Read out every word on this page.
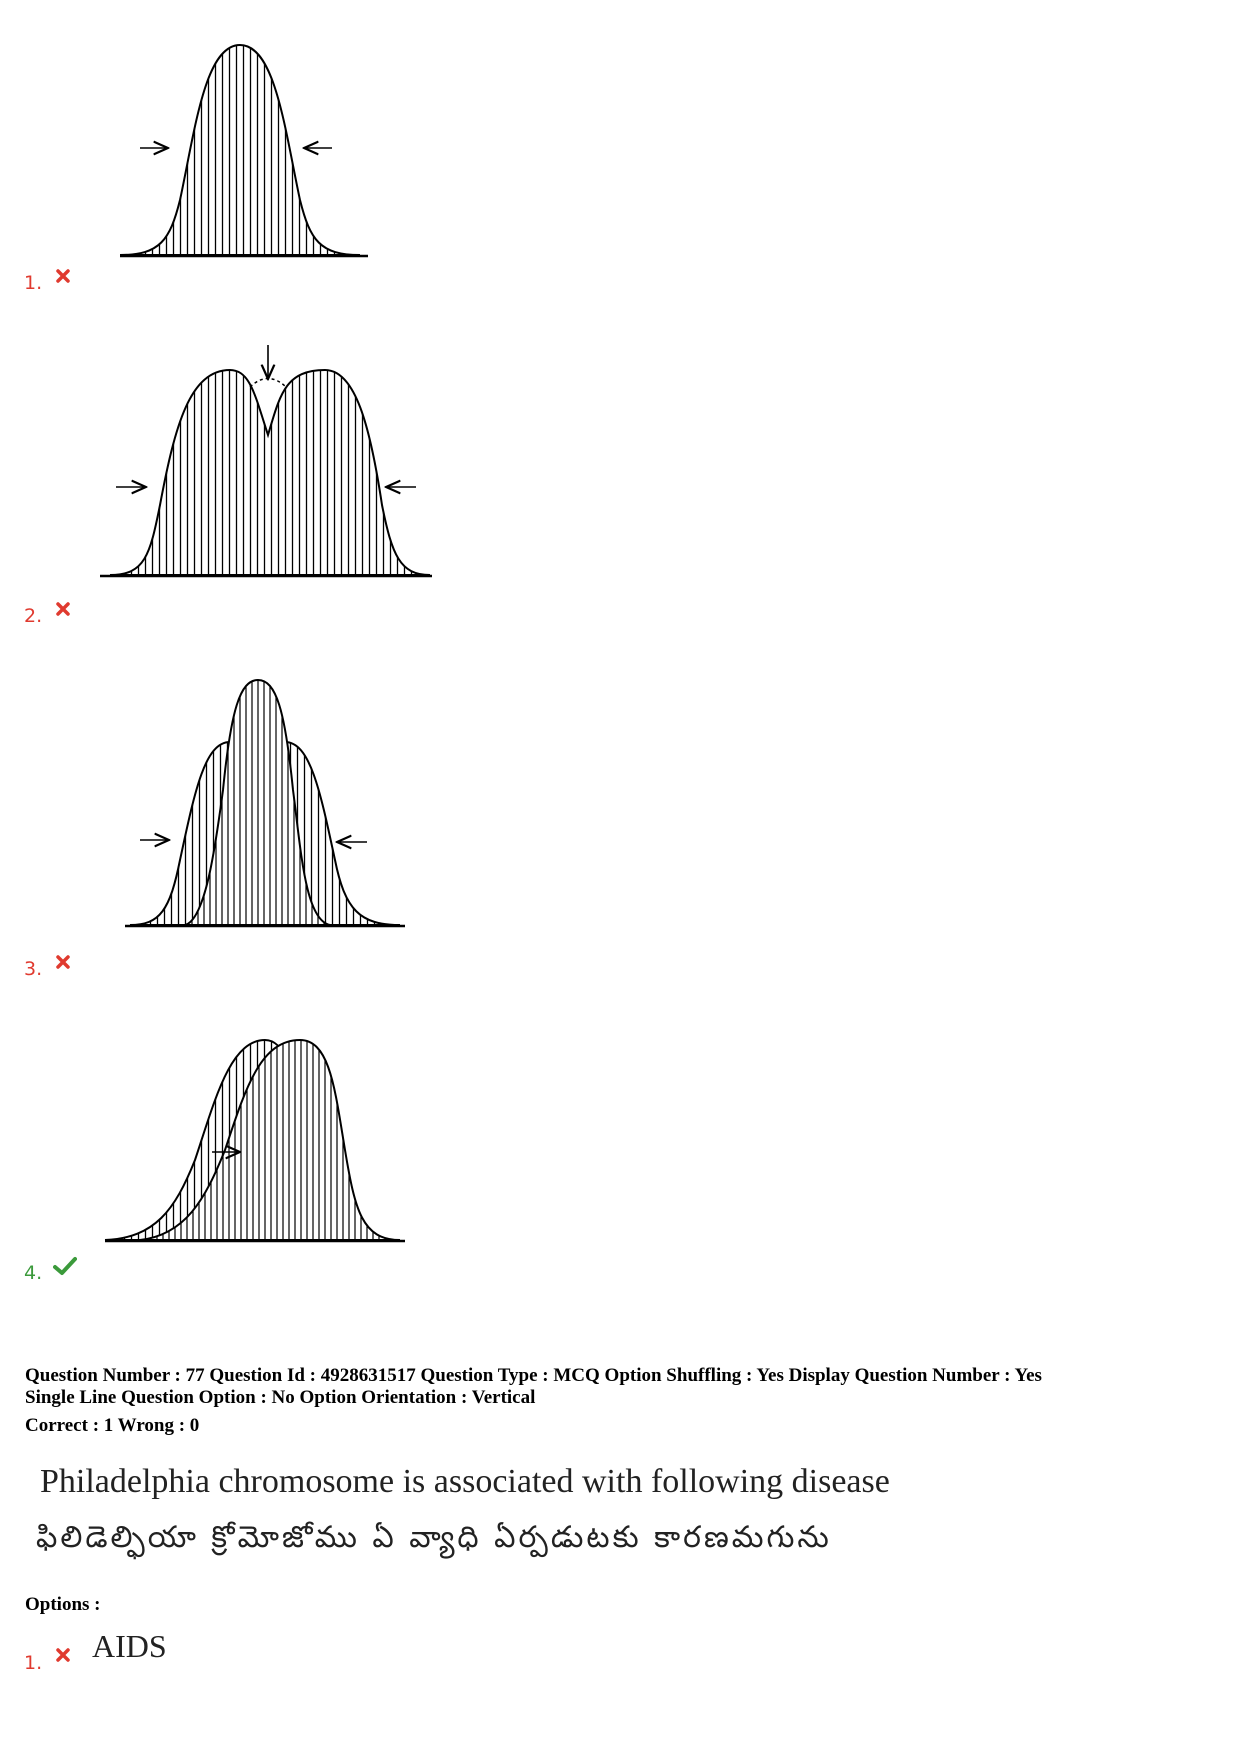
1.
2.
3.
4.
Question Number : 77 Question Id : 4928631517 Question Type : MCQ Option Shuffling : Yes Display Question Number : Yes
Single Line Question Option : No Option Orientation : Vertical
Correct : 1 Wrong : 0
Philadelphia chromosome is associated with following disease
ఫిలిడెల్ఫియా క్రోమోజోము ఏ వ్యాధి ఏర్పడుటకు కారణమగును
Options :
1. AIDS
